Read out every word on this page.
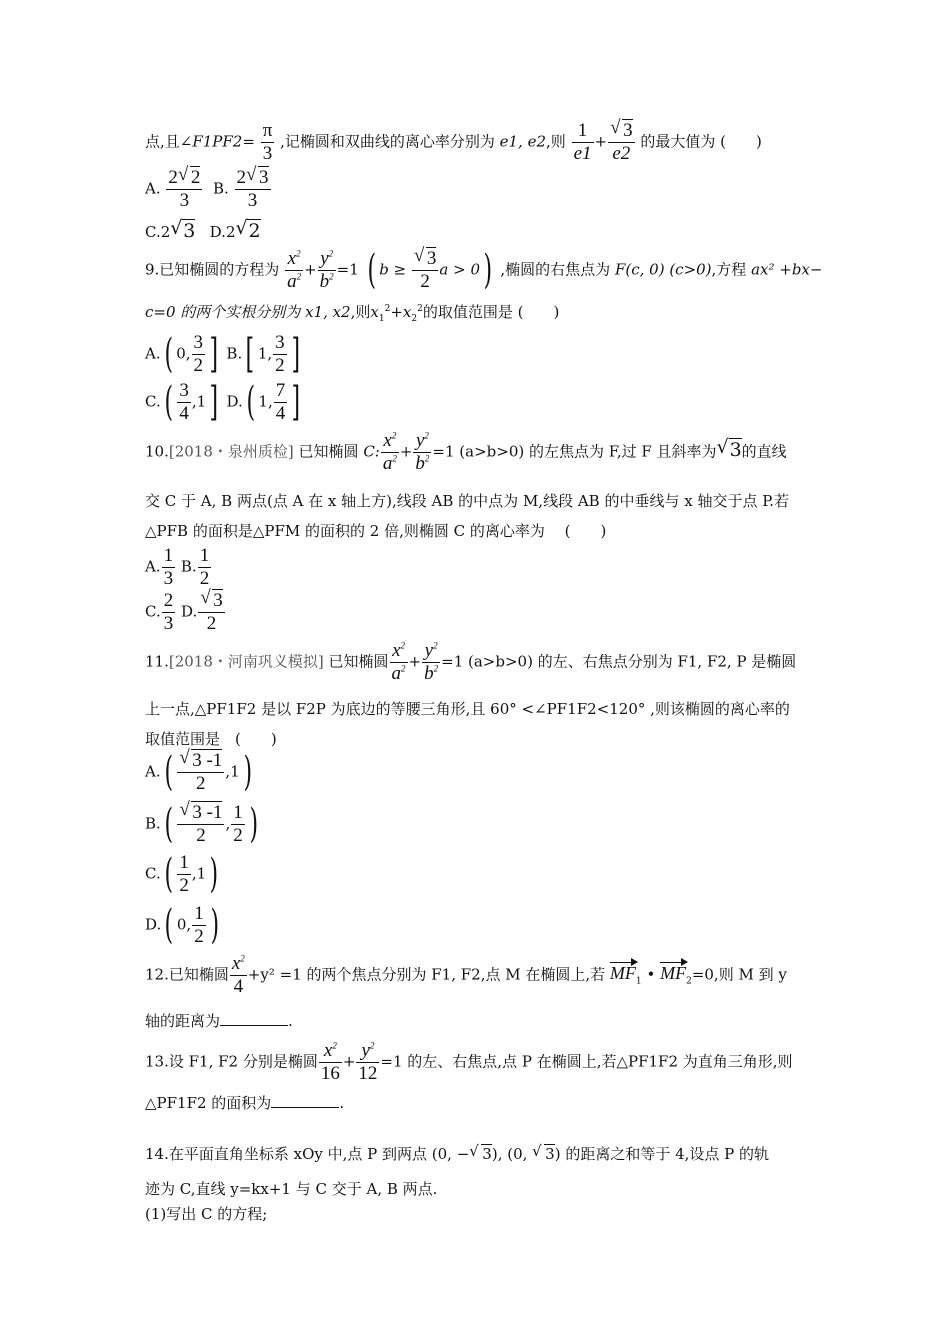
点,且∠F1PF2= $\frac{\pi}{3}$ ,记椭圆和双曲线的离心率分别为 e1, e2,则 $\frac{1}{e1} + \frac{√ 3}{e2}$ 的最大值为 (　　)
A. $\frac{2 √ 2}{3} B$. $\frac{2 √ 3}{3}$
C.2 √ 3 D.2 √ 2
9.已知椭圆的方程为 $\frac{x^2}{a^2} + \frac{y^2}{b^2} =1$ ( $b \ge \frac{√ 3}{2}$ a > 0) ,椭圆的右焦点为 F(c, 0) (c>0),方程 ax² +bx−
c=0 的两个实根分别为 x1, x2,则$x_1^2+x_2^2$的取值范围是 (　　)
A.( 0, $\frac{3}{2}$ ] B.[ 1, $\frac{3}{2}$ ]
$C.( \frac{3}{4} ,1]$ D.( 1, $\frac{7}{4}$ ]
10.[2018・泉州质检] 已知椭圆 C: $\frac{x^2}{a^2} + \frac{y^2}{b^2} =1$ (a>b>0) 的左焦点为 F,过 F 且斜率为 √ 3的直线
交 C 于 A, B 两点(点 A 在 x 轴上方),线段 AB 的中点为 M,线段 AB 的中垂线与 x 轴交于点 P.若
△PFB 的面积是△PFM 的面积的 2 倍,则椭圆 C 的离心率为　 (　　)
A. $\frac{1}{3} B$. $\frac{1}{2}$
C. $\frac{2}{3} D$. $\frac{√ 3}{2}$
11.[2018・河南巩义模拟] 已知椭圆 $\frac{x^2}{a^2} + \frac{y^2}{b^2} =1$ (a>b>0) 的左、右焦点分别为 F1, F2, P 是椭圆
上一点,△PF1F2 是以 F2P 为底边的等腰三角形,且 60° <∠PF1F2<120° ,则该椭圆的离心率的
取值范围是　(　　)
$A.( \frac{√ 3 -1}{2} ,1)$
$B.( \frac{√ 3 -1}{2}$ , $\frac{1}{2}$ )
$C.( \frac{1}{2} ,1)$
D.( 0, $\frac{1}{2}$ )
12.已知椭圆 $\frac{x^2}{4} +y^2 =1$ 的两个焦点分别为 F1, F2,点 M 在椭圆上,若 $MF_1$ • $MF_2=0$,则 M 到 y
轴的距离为	.
13.设 F1, F2 分别是椭圆 $\frac{x^2}{16} + \frac{y^2}{12} =1$ 的左、右焦点,点 P 在椭圆上,若△PF1F2 为直角三角形,则
△PF1F2 的面积为	.
14.在平面直角坐标系 xOy 中,点 P 到两点 (0, − √ 3), (0, √ 3) 的距离之和等于 4,设点 P 的轨
迹为 C,直线 y=kx+1 与 C 交于 A, B 两点.
(1)写出 C 的方程;
